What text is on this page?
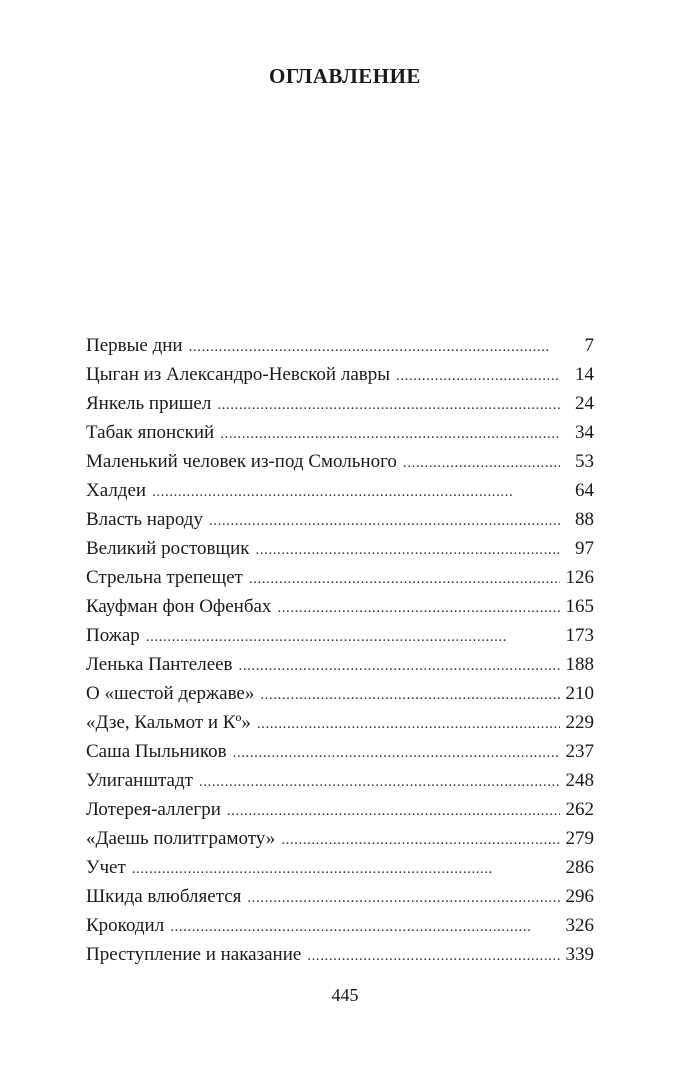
ОГЛАВЛЕНИЕ
Первые дни . . .	7
Цыган из Александро-Невской лавры . . .	14
Янкель пришел . . .	24
Табак японский . . .	34
Маленький человек из-под Смольного . . .	53
Халдеи . . .	64
Власть народу . . .	88
Великий ростовщик . . .	97
Стрельна трепещет . . .	126
Кауфман фон Офенбах . . .	165
Пожар . . .	173
Ленька Пантелеев . . .	188
О «шестой державе» . . .	210
«Дзе, Кальмот и Кº» . . .	229
Саша Пыльников . . .	237
Улиганштадт . . .	248
Лотерея-аллегри . . .	262
«Даешь политграмоту» . . .	279
Учет . . .	286
Шкида влюбляется . . .	296
Крокодил . . .	326
Преступление и наказание . . .	339
445
